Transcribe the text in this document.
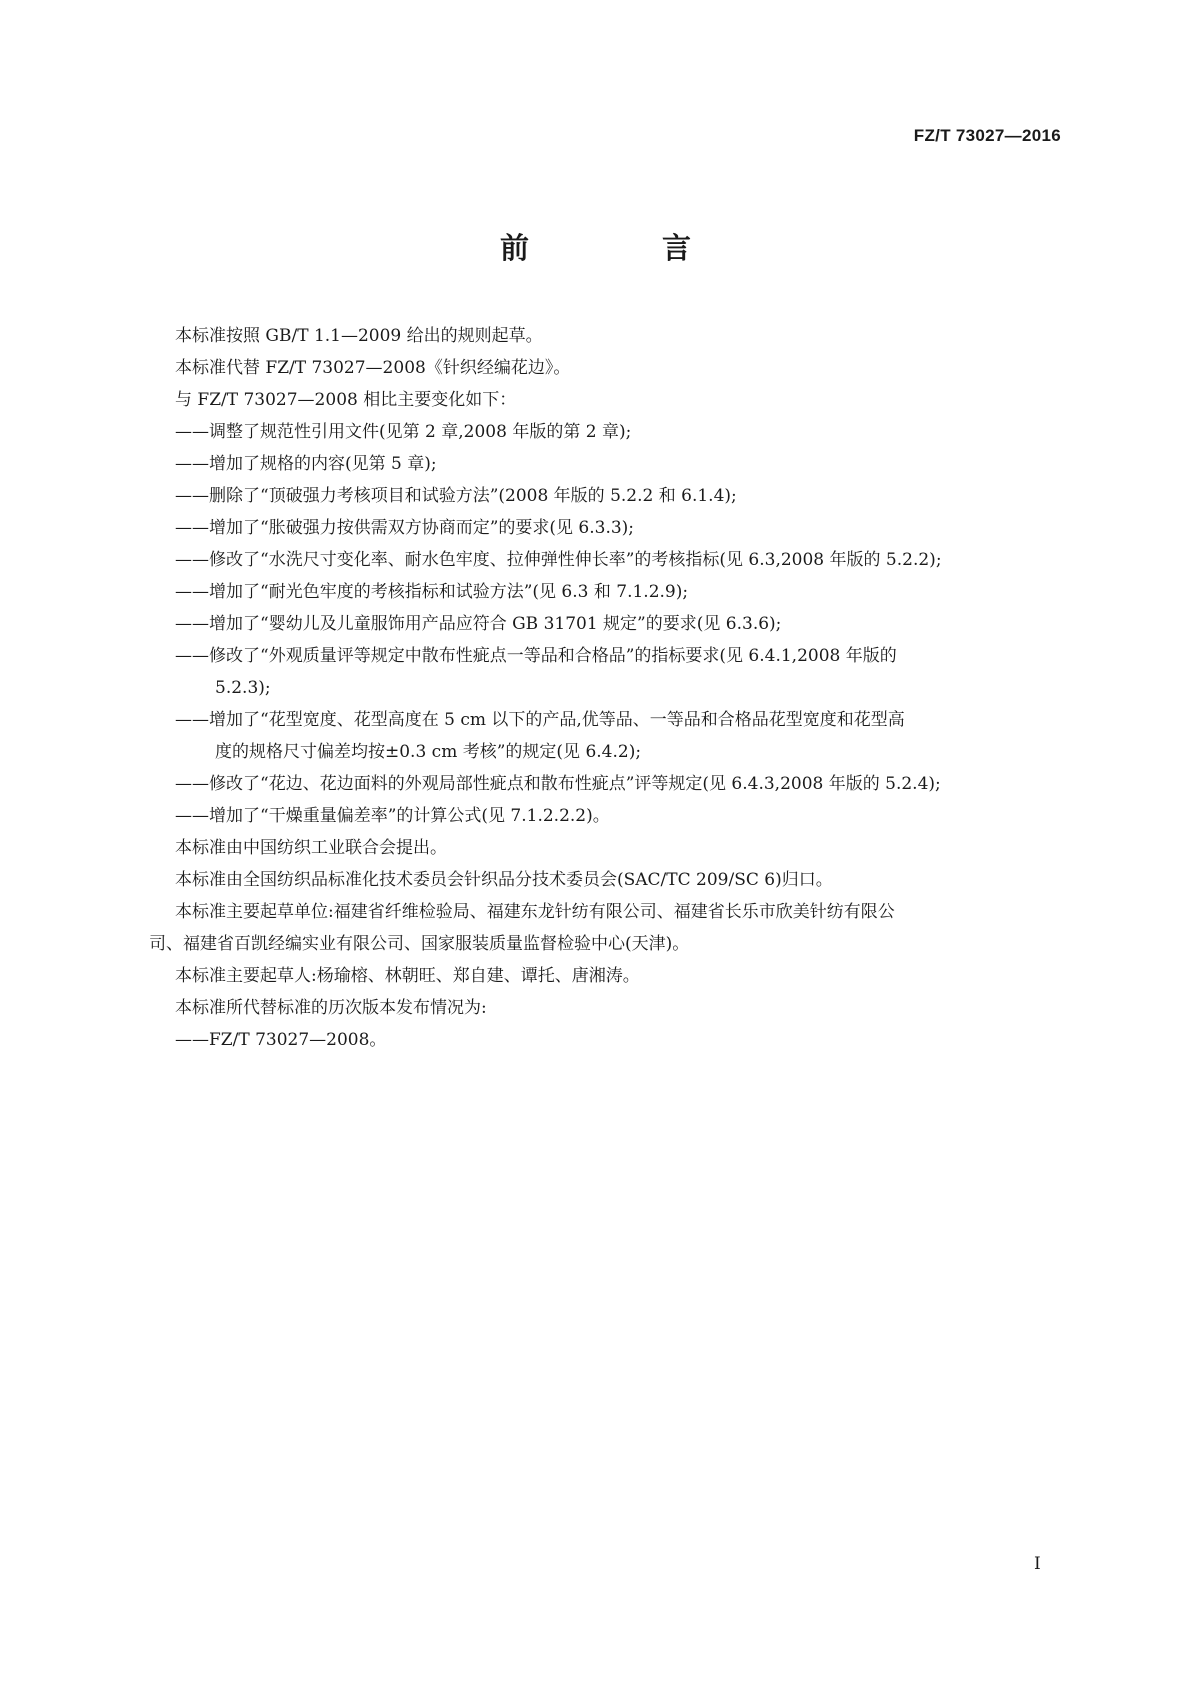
FZ/T 73027—2016
前　言

本标准按照 GB/T 1.1—2009 给出的规则起草。

本标准代替 FZ/T 73027—2008《针织经编花边》。

与 FZ/T 73027—2008 相比主要变化如下：

——调整了规范性引用文件(见第 2 章,2008 年版的第 2 章);

——增加了规格的内容(见第 5 章);

——删除了“顶破强力考核项目和试验方法”(2008 年版的 5.2.2 和 6.1.4);

——增加了“胀破强力按供需双方协商而定”的要求(见 6.3.3);

——修改了“水洗尺寸变化率、耐水色牢度、拉伸弹性伸长率”的考核指标(见 6.3,2008 年版的 5.2.2);

——增加了“耐光色牢度的考核指标和试验方法”(见 6.3 和 7.1.2.9);

——增加了“婴幼儿及儿童服饰用产品应符合 GB 31701 规定”的要求(见 6.3.6);

——修改了“外观质量评等规定中散布性疵点一等品和合格品”的指标要求(见 6.4.1,2008 年版的
5.2.3);

——增加了“花型宽度、花型高度在 5 cm 以下的产品,优等品、一等品和合格品花型宽度和花型高
度的规格尺寸偏差均按±0.3 cm 考核”的规定(见 6.4.2);

——修改了“花边、花边面料的外观局部性疵点和散布性疵点”评等规定(见 6.4.3,2008 年版的 5.2.4);

——增加了“干燥重量偏差率”的计算公式(见 7.1.2.2.2)。

本标准由中国纺织工业联合会提出。

本标准由全国纺织品标准化技术委员会针织品分技术委员会(SAC/TC 209/SC 6)归口。

本标准主要起草单位:福建省纤维检验局、福建东龙针纺有限公司、福建省长乐市欣美针纺有限公

司、福建省百凯经编实业有限公司、国家服装质量监督检验中心(天津)。

本标准主要起草人:杨瑜榕、林朝旺、郑自建、谭托、唐湘涛。

本标准所代替标准的历次版本发布情况为:

——FZ/T 73027—2008。

I
